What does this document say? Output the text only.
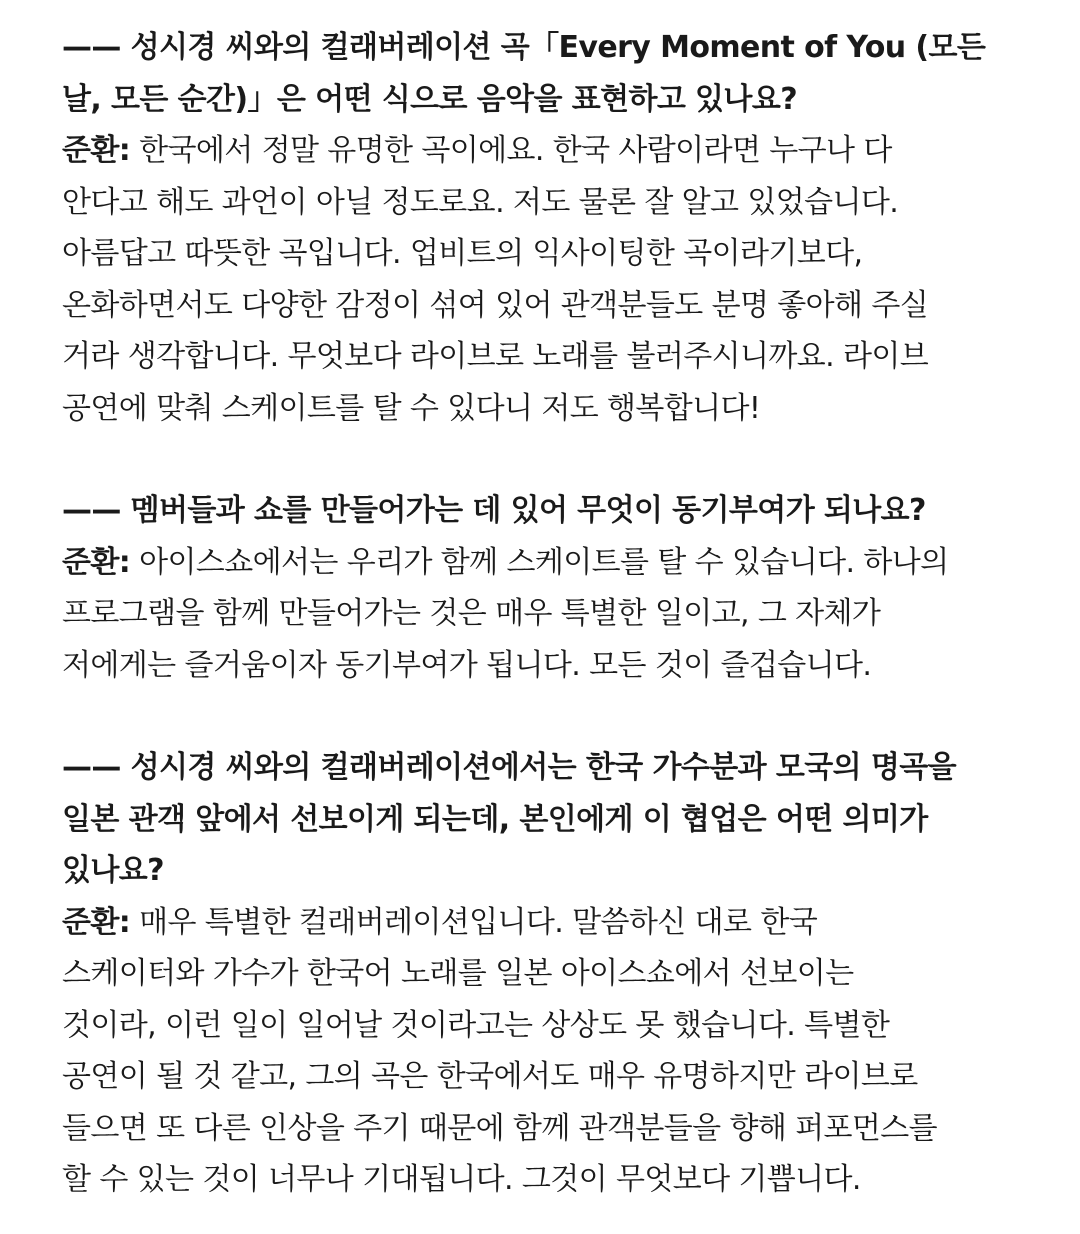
—— 성시경 씨와의 컬래버레이션 곡「Every Moment of You (모든
날, 모든 순간)」은 어떤 식으로 음악을 표현하고 있나요?
준환: 한국에서 정말 유명한 곡이에요. 한국 사람이라면 누구나 다
안다고 해도 과언이 아닐 정도로요. 저도 물론 잘 알고 있었습니다.
아름답고 따뜻한 곡입니다. 업비트의 익사이팅한 곡이라기보다,
온화하면서도 다양한 감정이 섞여 있어 관객분들도 분명 좋아해 주실
거라 생각합니다. 무엇보다 라이브로 노래를 불러주시니까요. 라이브
공연에 맞춰 스케이트를 탈 수 있다니 저도 행복합니다!
—— 멤버들과 쇼를 만들어가는 데 있어 무엇이 동기부여가 되나요?
준환: 아이스쇼에서는 우리가 함께 스케이트를 탈 수 있습니다. 하나의
프로그램을 함께 만들어가는 것은 매우 특별한 일이고, 그 자체가
저에게는 즐거움이자 동기부여가 됩니다. 모든 것이 즐겁습니다.
—— 성시경 씨와의 컬래버레이션에서는 한국 가수분과 모국의 명곡을
일본 관객 앞에서 선보이게 되는데, 본인에게 이 협업은 어떤 의미가
있나요?
준환: 매우 특별한 컬래버레이션입니다. 말씀하신 대로 한국
스케이터와 가수가 한국어 노래를 일본 아이스쇼에서 선보이는
것이라, 이런 일이 일어날 것이라고는 상상도 못 했습니다. 특별한
공연이 될 것 같고, 그의 곡은 한국에서도 매우 유명하지만 라이브로
들으면 또 다른 인상을 주기 때문에 함께 관객분들을 향해 퍼포먼스를
할 수 있는 것이 너무나 기대됩니다. 그것이 무엇보다 기쁩니다.
